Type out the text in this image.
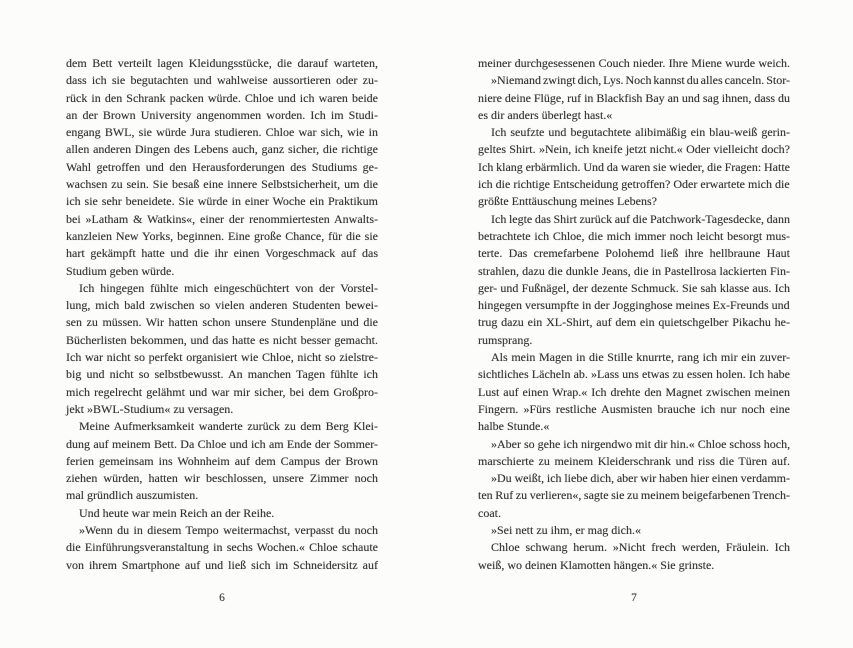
dem Bett verteilt lagen Kleidungsstücke, die darauf warteten,
dass ich sie begutachten und wahlweise aussortieren oder zu-
rück in den Schrank packen würde. Chloe und ich waren beide
an der Brown University angenommen worden. Ich im Studi-
engang BWL, sie würde Jura studieren. Chloe war sich, wie in
allen anderen Dingen des Lebens auch, ganz sicher, die richtige
Wahl getroffen und den Herausforderungen des Studiums ge-
wachsen zu sein. Sie besaß eine innere Selbstsicherheit, um die
ich sie sehr beneidete. Sie würde in einer Woche ein Praktikum
bei »Latham & Watkins«, einer der renommiertesten Anwalts-
kanzleien New Yorks, beginnen. Eine große Chance, für die sie
hart gekämpft hatte und die ihr einen Vorgeschmack auf das
Studium geben würde.
Ich hingegen fühlte mich eingeschüchtert von der Vorstel-
lung, mich bald zwischen so vielen anderen Studenten bewei-
sen zu müssen. Wir hatten schon unsere Stundenpläne und die
Bücherlisten bekommen, und das hatte es nicht besser gemacht.
Ich war nicht so perfekt organisiert wie Chloe, nicht so zielstre-
big und nicht so selbstbewusst. An manchen Tagen fühlte ich
mich regelrecht gelähmt und war mir sicher, bei dem Großpro-
jekt »BWL-Studium« zu versagen.
Meine Aufmerksamkeit wanderte zurück zu dem Berg Klei-
dung auf meinem Bett. Da Chloe und ich am Ende der Sommer-
ferien gemeinsam ins Wohnheim auf dem Campus der Brown
ziehen würden, hatten wir beschlossen, unsere Zimmer noch
mal gründlich auszumisten.
Und heute war mein Reich an der Reihe.
»Wenn du in diesem Tempo weitermachst, verpasst du noch
die Einführungsveranstaltung in sechs Wochen.« Chloe schaute
von ihrem Smartphone auf und ließ sich im Schneidersitz auf
meiner durchgesessenen Couch nieder. Ihre Miene wurde weich.
»Niemand zwingt dich, Lys. Noch kannst du alles canceln. Stor-
niere deine Flüge, ruf in Blackfish Bay an und sag ihnen, dass du
es dir anders überlegt hast.«
Ich seufzte und begutachtete alibimäßig ein blau-weiß gerin-
geltes Shirt. »Nein, ich kneife jetzt nicht.« Oder vielleicht doch?
Ich klang erbärmlich. Und da waren sie wieder, die Fragen: Hatte
ich die richtige Entscheidung getroffen? Oder erwartete mich die
größte Enttäuschung meines Lebens?
Ich legte das Shirt zurück auf die Patchwork-Tagesdecke, dann
betrachtete ich Chloe, die mich immer noch leicht besorgt mus-
terte. Das cremefarbene Polohemd ließ ihre hellbraune Haut
strahlen, dazu die dunkle Jeans, die in Pastellrosa lackierten Fin-
ger- und Fußnägel, der dezente Schmuck. Sie sah klasse aus. Ich
hingegen versumpfte in der Jogginghose meines Ex-Freunds und
trug dazu ein XL-Shirt, auf dem ein quietschgelber Pikachu he-
rumsprang.
Als mein Magen in die Stille knurrte, rang ich mir ein zuver-
sichtliches Lächeln ab. »Lass uns etwas zu essen holen. Ich habe
Lust auf einen Wrap.« Ich drehte den Magnet zwischen meinen
Fingern. »Fürs restliche Ausmisten brauche ich nur noch eine
halbe Stunde.«
»Aber so gehe ich nirgendwo mit dir hin.« Chloe schoss hoch,
marschierte zu meinem Kleiderschrank und riss die Türen auf.
»Du weißt, ich liebe dich, aber wir haben hier einen verdamm-
ten Ruf zu verlieren«, sagte sie zu meinem beigefarbenen Trench-
coat.
»Sei nett zu ihm, er mag dich.«
Chloe schwang herum. »Nicht frech werden, Fräulein. Ich
weiß, wo deinen Klamotten hängen.« Sie grinste.
6	7
